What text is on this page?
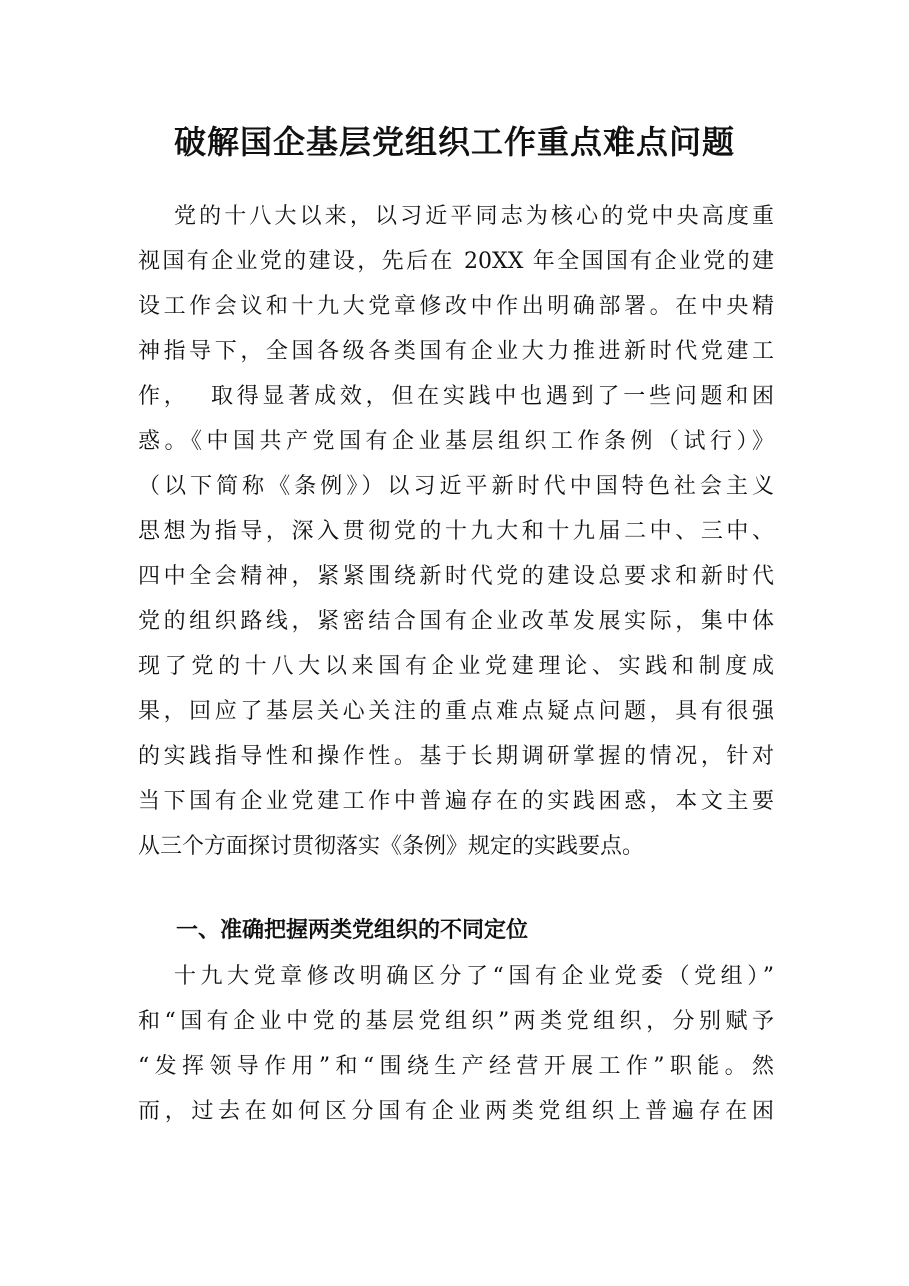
破解国企基层党组织工作重点难点问题
党的十八大以来，以习近平同志为核心的党中央高度重
视国有企业党的建设，先后在 20XX 年全国国有企业党的建
设工作会议和十九大党章修改中作出明确部署。在中央精
神指导下，全国各级各类国有企业大力推进新时代党建工
作，  取得显著成效，但在实践中也遇到了一些问题和困
惑。《中国共产党国有企业基层组织工作条例（试行）》
（以下简称《条例》）以习近平新时代中国特色社会主义
思想为指导，深入贯彻党的十九大和十九届二中、三中、
四中全会精神，紧紧围绕新时代党的建设总要求和新时代
党的组织路线，紧密结合国有企业改革发展实际，集中体
现了党的十八大以来国有企业党建理论、实践和制度成
果，回应了基层关心关注的重点难点疑点问题，具有很强
的实践指导性和操作性。基于长期调研掌握的情况，针对
当下国有企业党建工作中普遍存在的实践困惑，本文主要
从三个方面探讨贯彻落实《条例》规定的实践要点。
一、准确把握两类党组织的不同定位
十九大党章修改明确区分了“国有企业党委（党组）”
和“国有企业中党的基层党组织”两类党组织，分别赋予
“发挥领导作用”和“围绕生产经营开展工作”职能。然
而，过去在如何区分国有企业两类党组织上普遍存在困
